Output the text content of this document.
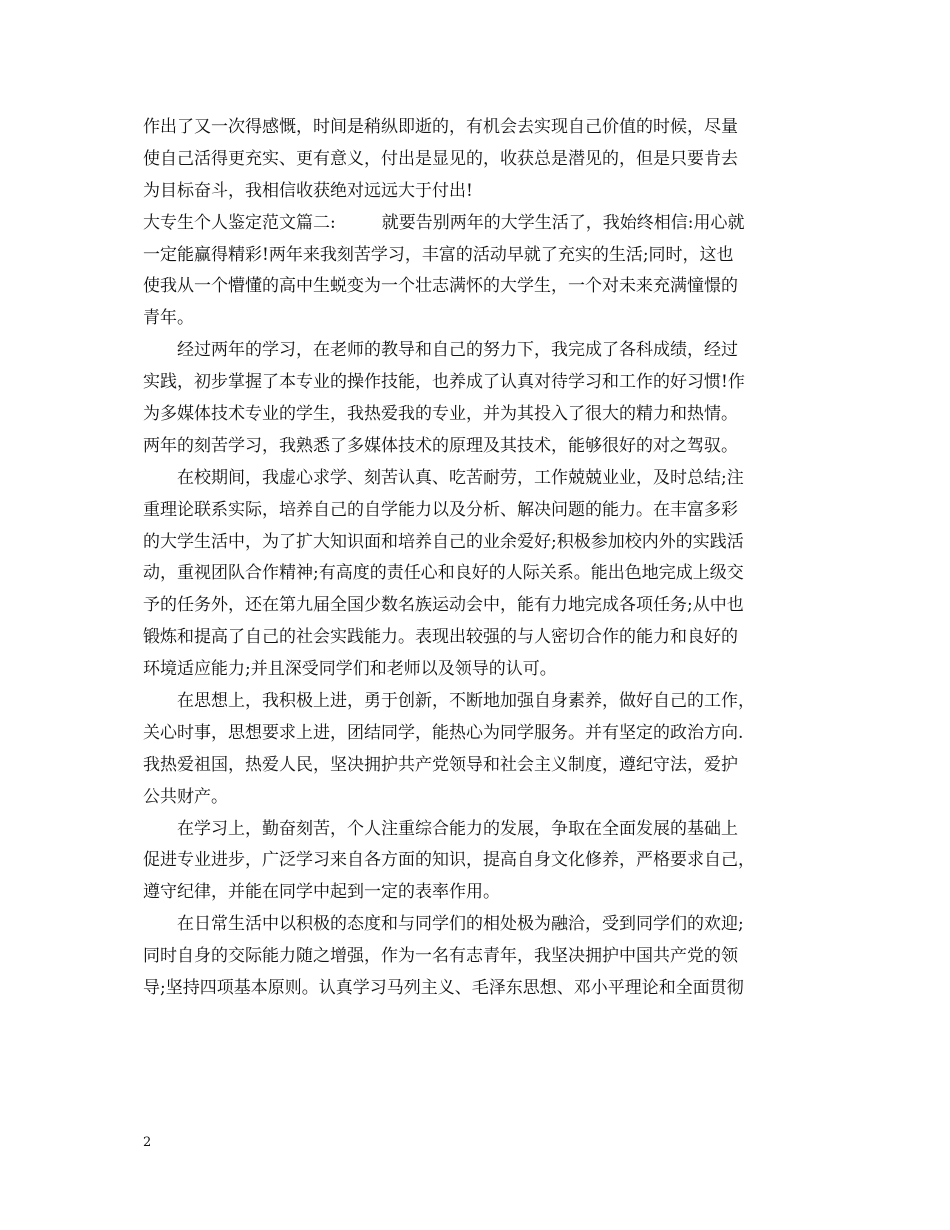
作出了又一次得感慨，时间是稍纵即逝的，有机会去实现自己价值的时候，尽量
使自己活得更充实、更有意义，付出是显见的，收获总是潜见的，但是只要肯去
为目标奋斗，我相信收获绝对远远大于付出!
大专生个人鉴定范文篇二:	就要告别两年的大学生活了，我始终相信:用心就
一定能赢得精彩!两年来我刻苦学习，丰富的活动早就了充实的生活;同时，这也
使我从一个懵懂的高中生蜕变为一个壮志满怀的大学生，一个对未来充满憧憬的
青年。
经过两年的学习，在老师的教导和自己的努力下，我完成了各科成绩，经过
实践，初步掌握了本专业的操作技能，也养成了认真对待学习和工作的好习惯!作
为多媒体技术专业的学生，我热爱我的专业，并为其投入了很大的精力和热情。
两年的刻苦学习，我熟悉了多媒体技术的原理及其技术，能够很好的对之驾驭。
在校期间，我虚心求学、刻苦认真、吃苦耐劳，工作兢兢业业，及时总结;注
重理论联系实际，培养自己的自学能力以及分析、解决问题的能力。在丰富多彩
的大学生活中，为了扩大知识面和培养自己的业余爱好;积极参加校内外的实践活
动，重视团队合作精神;有高度的责任心和良好的人际关系。能出色地完成上级交
予的任务外，还在第九届全国少数名族运动会中，能有力地完成各项任务;从中也
锻炼和提高了自己的社会实践能力。表现出较强的与人密切合作的能力和良好的
环境适应能力;并且深受同学们和老师以及领导的认可。
在思想上，我积极上进，勇于创新，不断地加强自身素养，做好自己的工作，
关心时事，思想要求上进，团结同学，能热心为同学服务。并有坚定的政治方向.
我热爱祖国，热爱人民，坚决拥护共产党领导和社会主义制度，遵纪守法，爱护
公共财产。
在学习上，勤奋刻苦，个人注重综合能力的发展，争取在全面发展的基础上
促进专业进步，广泛学习来自各方面的知识，提高自身文化修养，严格要求自己，
遵守纪律，并能在同学中起到一定的表率作用。
在日常生活中以积极的态度和与同学们的相处极为融洽，受到同学们的欢迎;
同时自身的交际能力随之增强，作为一名有志青年，我坚决拥护中国共产党的领
导;坚持四项基本原则。认真学习马列主义、毛泽东思想、邓小平理论和全面贯彻
2
